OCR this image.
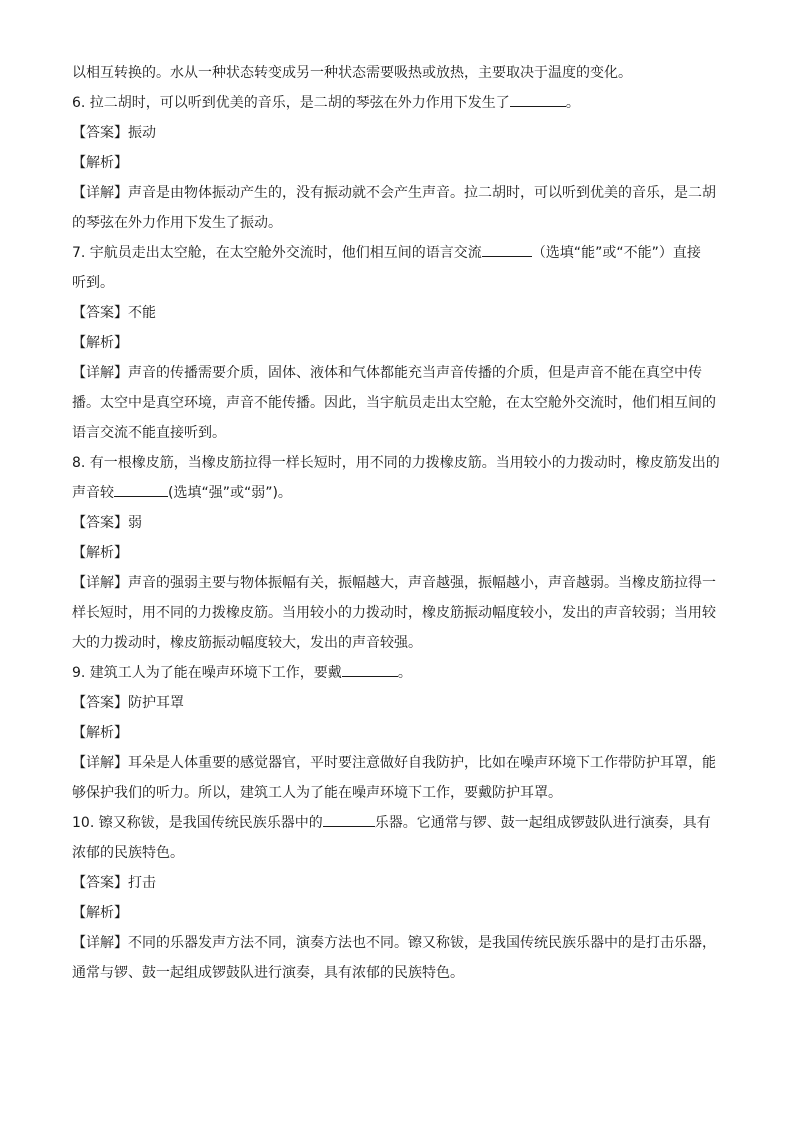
以相互转换的。水从一种状态转变成另一种状态需要吸热或放热，主要取决于温度的变化。
6. 拉二胡时，可以听到优美的音乐，是二胡的琴弦在外力作用下发生了	。
【答案】振动
【解析】
【详解】声音是由物体振动产生的，没有振动就不会产生声音。拉二胡时，可以听到优美的音乐，是二胡
的琴弦在外力作用下发生了振动。
7. 宇航员走出太空舱，在太空舱外交流时，他们相互间的语言交流	（选填“能”或“不能”）直接
听到。
【答案】不能
【解析】
【详解】声音的传播需要介质，固体、液体和气体都能充当声音传播的介质，但是声音不能在真空中传
播。太空中是真空环境，声音不能传播。因此，当宇航员走出太空舱，在太空舱外交流时，他们相互间的
语言交流不能直接听到。
8. 有一根橡皮筋，当橡皮筋拉得一样长短时，用不同的力拨橡皮筋。当用较小的力拨动时，橡皮筋发出的
声音较	(选填“强”或“弱”)。
【答案】弱
【解析】
【详解】声音的强弱主要与物体振幅有关，振幅越大，声音越强，振幅越小，声音越弱。当橡皮筋拉得一
样长短时，用不同的力拨橡皮筋。当用较小的力拨动时，橡皮筋振动幅度较小，发出的声音较弱；当用较
大的力拨动时，橡皮筋振动幅度较大，发出的声音较强。
9. 建筑工人为了能在噪声环境下工作，要戴	。
【答案】防护耳罩
【解析】
【详解】耳朵是人体重要的感觉器官，平时要注意做好自我防护，比如在噪声环境下工作带防护耳罩，能
够保护我们的听力。所以，建筑工人为了能在噪声环境下工作，要戴防护耳罩。
10. 镲又称钹，是我国传统民族乐器中的	乐器。它通常与锣、鼓一起组成锣鼓队进行演奏，具有
浓郁的民族特色。
【答案】打击
【解析】
【详解】不同的乐器发声方法不同，演奏方法也不同。镲又称钹，是我国传统民族乐器中的是打击乐器，
通常与锣、鼓一起组成锣鼓队进行演奏，具有浓郁的民族特色。
